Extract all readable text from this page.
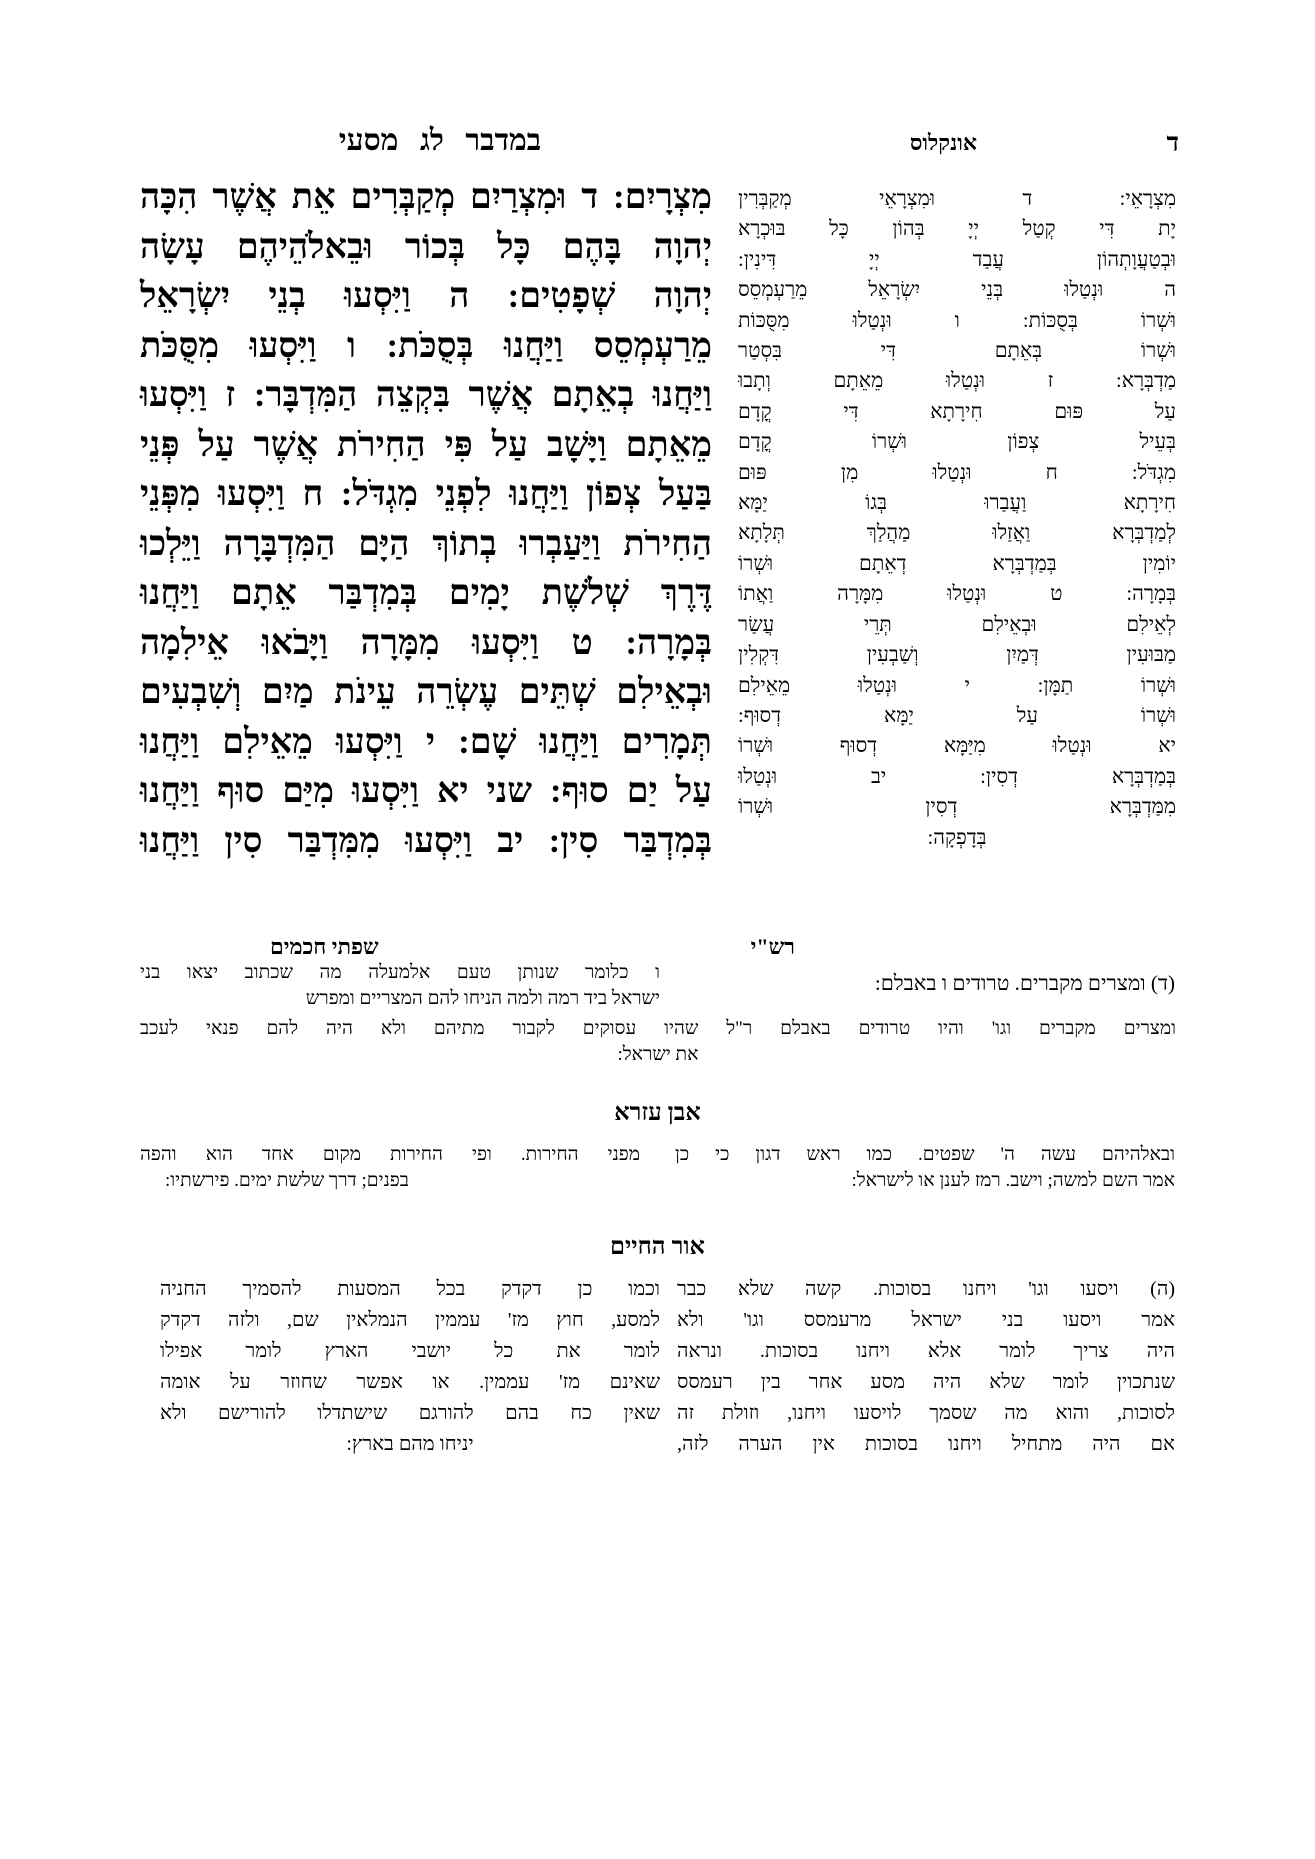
ד
אונקלוס
במדבר לג מסעי
מִצְרָיִם: ד וּמִצְרַיִם מְקַבְּרִים אֵת אֲשֶׁר הִכָּה
יְהוָה בָּהֶם כָּל בְּכוֹר וּבֵאלֹהֵיהֶם עָשָׂה
יְהוָה שְׁפָטִים: ה וַיִּסְעוּ בְנֵי יִשְׂרָאֵל
מֵרַעְמְסֵס וַיַּחֲנוּ בְּסֻכֹּת: ו וַיִּסְעוּ מִסֻּכֹּת
וַיַּחֲנוּ בְאֵתָם אֲשֶׁר בִּקְצֵה הַמִּדְבָּר: ז וַיִּסְעוּ
מֵאֵתָם וַיָּשָׁב עַל פִּי הַחִירֹת אֲשֶׁר עַל פְּנֵי
בַּעַל צְפוֹן וַיַּחֲנוּ לִפְנֵי מִגְדֹּל: ח וַיִּסְעוּ מִפְּנֵי
הַחִירֹת וַיַּעַבְרוּ בְתוֹךְ הַיָּם הַמִּדְבָּרָה וַיֵּלְכוּ
דֶּרֶךְ שְׁלֹשֶׁת יָמִים בְּמִדְבַּר אֵתָם וַיַּחֲנוּ
בְּמָרָה: ט וַיִּסְעוּ מִמָּרָה וַיָּבֹאוּ אֵילִמָה
וּבְאֵילִם שְׁתֵּים עֶשְׂרֵה עֵינֹת מַיִם וְשִׁבְעִים
תְּמָרִים וַיַּחֲנוּ שָׁם: י וַיִּסְעוּ מֵאֵילִם וַיַּחֲנוּ
עַל יַם סוּף: שני יא וַיִּסְעוּ מִיַּם סוּף וַיַּחֲנוּ
בְּמִדְבַּר סִין: יב וַיִּסְעוּ מִמִּדְבַּר סִין וַיַּחֲנוּ
מִצְרָאֵי: ד וּמִצְרָאֵי מְקַבְּרִין
יָת דִּי קְטַל יְיָ בְּהוֹן כָּל בּוּכְרָא
וּבְטַעֲוָתְהוֹן עֲבַד יְיָ דִּינִין:
ה וּנְטַלוּ בְּנֵי יִשְׂרָאֵל מֵרַעְמְסֵס
וּשְׁרוֹ בְּסֻכּוֹת: ו וּנְטַלוּ מִסֻּכּוֹת
וּשְׁרוֹ בְּאֵתָם דִּי בִּסְטַר
מַדְבְּרָא: ז וּנְטַלוּ מֵאֵתָם וְתָבוּ
עַל פּוּם חִירָתָא דִּי קֳדָם
בְּעֵיל צְפוֹן וּשְׁרוֹ קֳדָם
מִגְדֹּל: ח וּנְטַלוּ מִן פּוּם
חִירָתָא וַעֲבַרוּ בְּגוֹ יַמָּא
לְמַדְבְּרָא וַאֲזַלוּ מַהֲלַךְ תְּלָתָא
יוֹמִין בְּמַדְבְּרָא דְאֵתָם וּשְׁרוֹ
בְּמָרָה: ט וּנְטַלוּ מִמָּרָה וַאֲתוֹ
לְאֵילִם וּבְאֵילִם תְּרֵי עֲשַׂר
מַבּוּעִין דְּמַיִן וְשַׁבְעִין דִּקְלִין
וּשְׁרוֹ תַמָּן: י וּנְטַלוּ מֵאֵילִם
וּשְׁרוֹ עַל יַמָּא דְסוּף:
יא וּנְטַלוּ מִיַּמָּא דְסוּף וּשְׁרוֹ
בְּמַדְבְּרָא דְסִין: יב וּנְטַלוּ
מִמַּדְבְּרָא דְסִין וּשְׁרוֹ
בְּדָפְקָה:
רש"י
(ד) ומצרים מקברים. טרודים ו באבלם:
שפתי חכמים
ו כלומר שנותן טעם אלמעלה מה שכתוב יצאו בני
ישראל ביד רמה ולמה הניחו להם המצריים ומפרש
ומצרים מקברים וגו' והיו טרודים באבלם ר"ל שהיו עסוקים לקבור מתיהם ולא היה להם פנאי לעכב
את ישראל:
אבן עזרא
ובאלהיהם עשה ה' שפטים. כמו ראש דגון כי כן
אמר השם למשה; וישב. רמז לענן או לישראל:
מפני החירות. ופי החירות מקום אחד הוא והפה
בפנים; דרך שלשת ימים. פירשתיו:
אור החיים
(ה) ויסעו וגו' ויחנו בסוכות. קשה שלא כבר
אמר ויסעו בני ישראל מרעמסס וגו' ולא
היה צריך לומר אלא ויחנו בסוכות. ונראה
שנתכוין לומר שלא היה מסע אחר בין רעמסס
לסוכות, והוא מה שסמך לויסעו ויחנו, וזולת זה
אם היה מתחיל ויחנו בסוכות אין הערה לזה,
וכמו כן דקדק בכל המסעות להסמיך החניה
למסע, חוץ מז' עממין הנמלאין שם, ולזה דקדק
לומר את כל יושבי הארץ לומר אפילו
שאינם מז' עממין. או אפשר שחוזר על אומה
שאין כח בהם להורגם שישתדלו להורישם ולא
יניחו מהם בארץ:
